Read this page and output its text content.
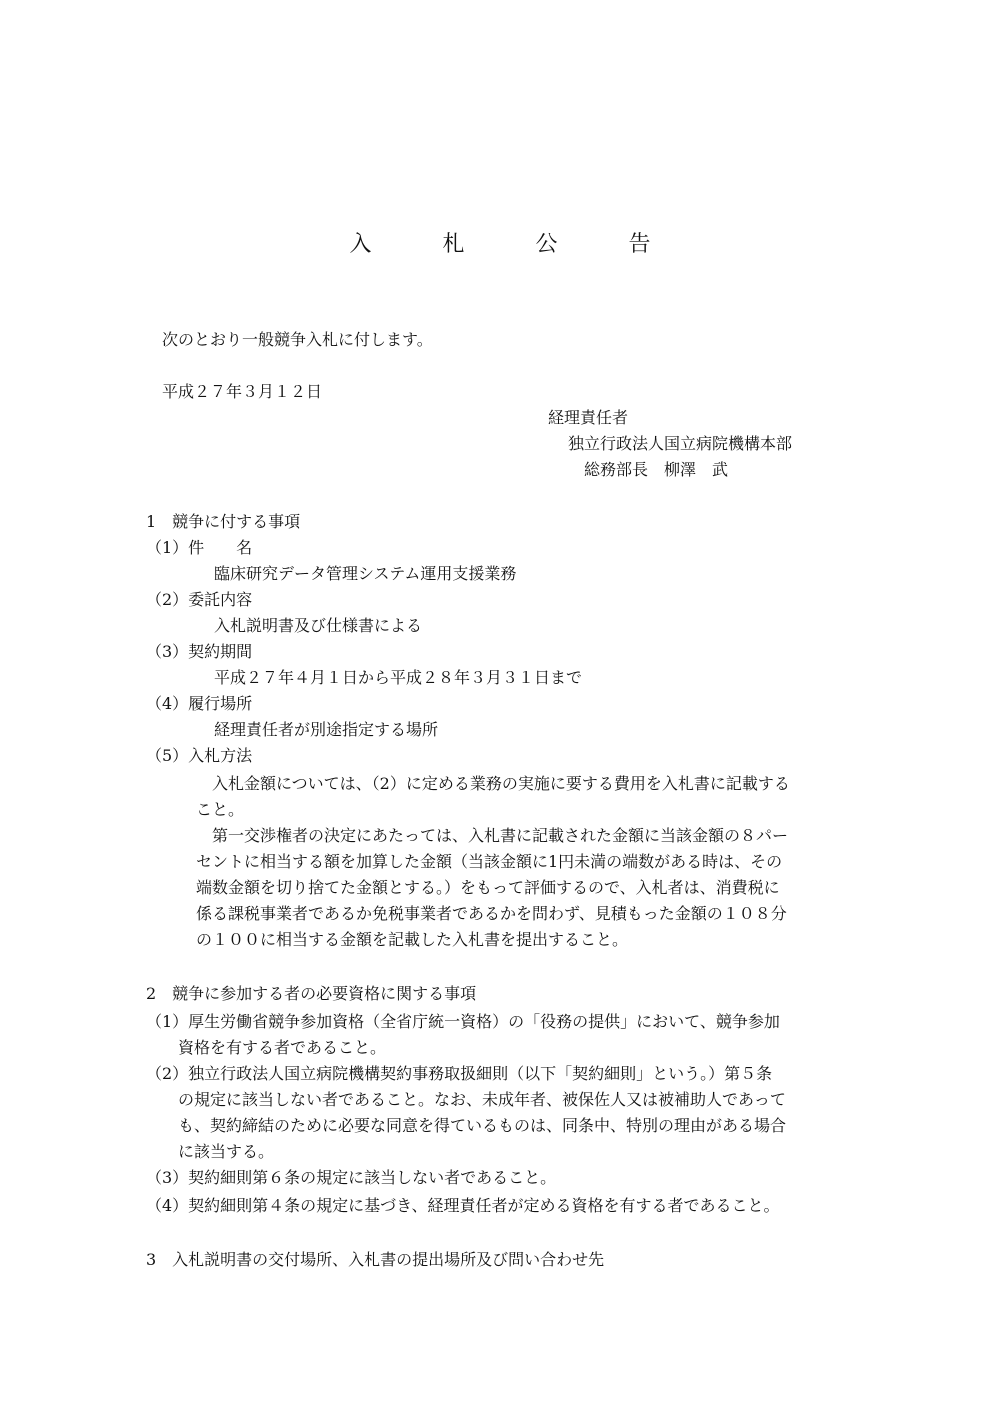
入 札 公 告
次のとおり一般競争入札に付します。
平成２７年３月１２日
経理責任者
独立行政法人国立病院機構本部
総務部長　柳澤　武
1　競争に付する事項
（1）件　　名
臨床研究データ管理システム運用支援業務
（2）委託内容
入札説明書及び仕様書による
（3）契約期間
平成２７年４月１日から平成２８年３月３１日まで
（4）履行場所
経理責任者が別途指定する場所
（5）入札方法
　入札金額については、（2）に定める業務の実施に要する費用を入札書に記載する
こと。
　第一交渉権者の決定にあたっては、入札書に記載された金額に当該金額の８パー
セントに相当する額を加算した金額（当該金額に1円未満の端数がある時は、その
端数金額を切り捨てた金額とする。）をもって評価するので、入札者は、消費税に
係る課税事業者であるか免税事業者であるかを問わず、見積もった金額の１０８分
の１００に相当する金額を記載した入札書を提出すること。
2　競争に参加する者の必要資格に関する事項
（1）厚生労働省競争参加資格（全省庁統一資格）の「役務の提供」において、競争参加
　　資格を有する者であること。
（2）独立行政法人国立病院機構契約事務取扱細則（以下「契約細則」という。）第５条
　　の規定に該当しない者であること。なお、未成年者、被保佐人又は被補助人であって
　　も、契約締結のために必要な同意を得ているものは、同条中、特別の理由がある場合
　　に該当する。
（3）契約細則第６条の規定に該当しない者であること。
（4）契約細則第４条の規定に基づき、経理責任者が定める資格を有する者であること。
3　入札説明書の交付場所、入札書の提出場所及び問い合わせ先
